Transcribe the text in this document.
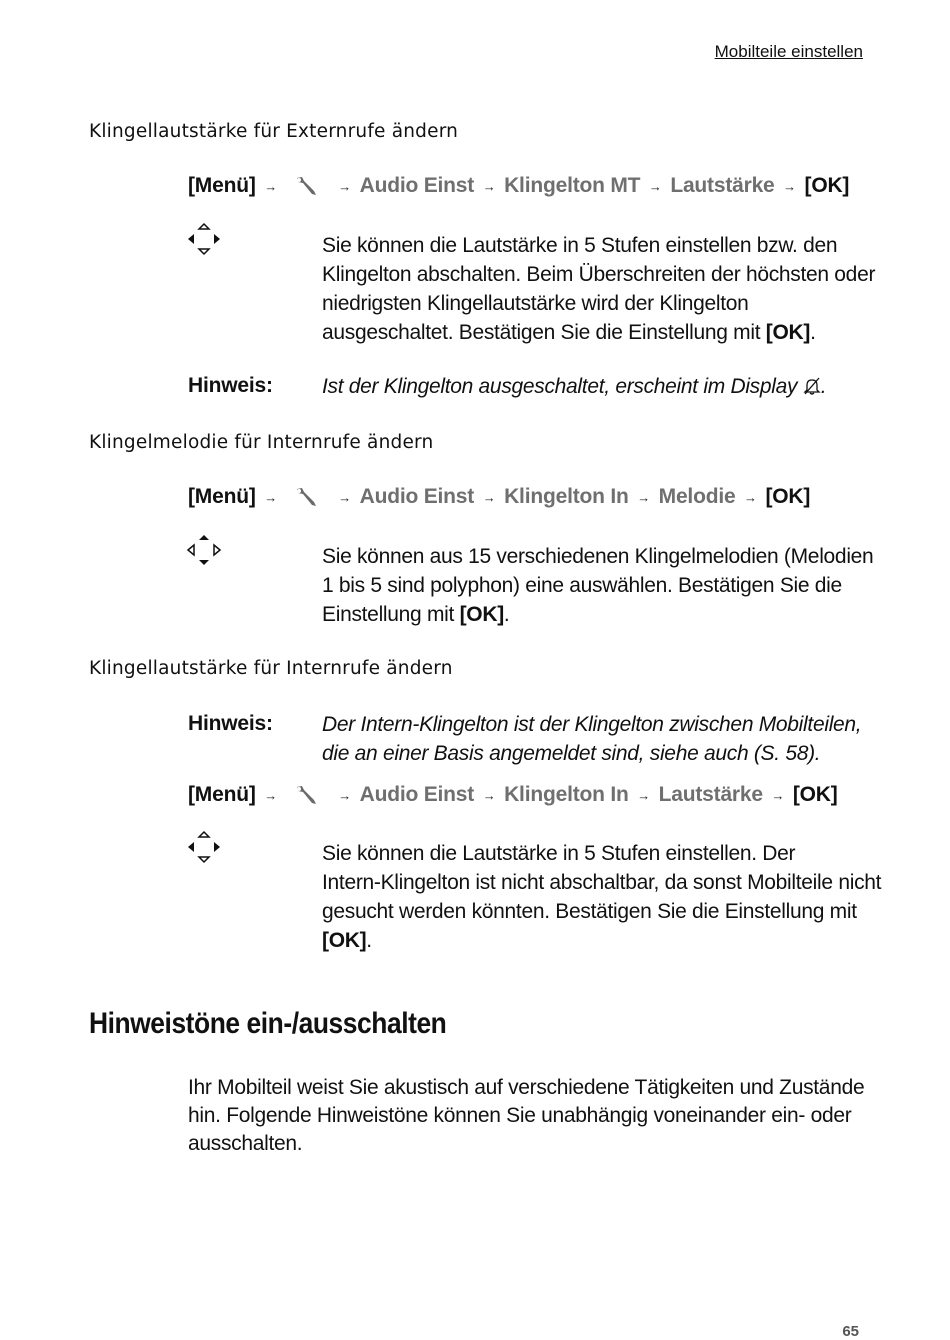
Mobilteile einstellen
Klingellautstärke für Externrufe ändern
[Menü] →	→ Audio Einst → Klingelton MT → Lautstärke → [OK]
Sie können die Lautstärke in 5 Stufen einstellen bzw. den
Klingelton abschalten. Beim Überschreiten der höchsten oder
niedrigsten Klingellautstärke wird der Klingelton
ausgeschaltet. Bestätigen Sie die Einstellung mit [OK].
Hinweis: Ist der Klingelton ausgeschaltet, erscheint im Display .
Klingelmelodie für Internrufe ändern
[Menü] →	→ Audio Einst → Klingelton In → Melodie → [OK]
Sie können aus 15 verschiedenen Klingelmelodien (Melodien
1 bis 5 sind polyphon) eine auswählen. Bestätigen Sie die
Einstellung mit [OK].
Klingellautstärke für Internrufe ändern
Hinweis: Der Intern-Klingelton ist der Klingelton zwischen Mobilteilen,
die an einer Basis angemeldet sind, siehe auch (S. 58).
[Menü] →	→ Audio Einst → Klingelton In → Lautstärke → [OK]
Sie können die Lautstärke in 5 Stufen einstellen. Der
Intern-Klingelton ist nicht abschaltbar, da sonst Mobilteile nicht
gesucht werden könnten. Bestätigen Sie die Einstellung mit
[OK].
Hinweistöne ein-/ausschalten
Ihr Mobilteil weist Sie akustisch auf verschiedene Tätigkeiten und Zustände
hin. Folgende Hinweistöne können Sie unabhängig voneinander ein- oder
ausschalten.
65
